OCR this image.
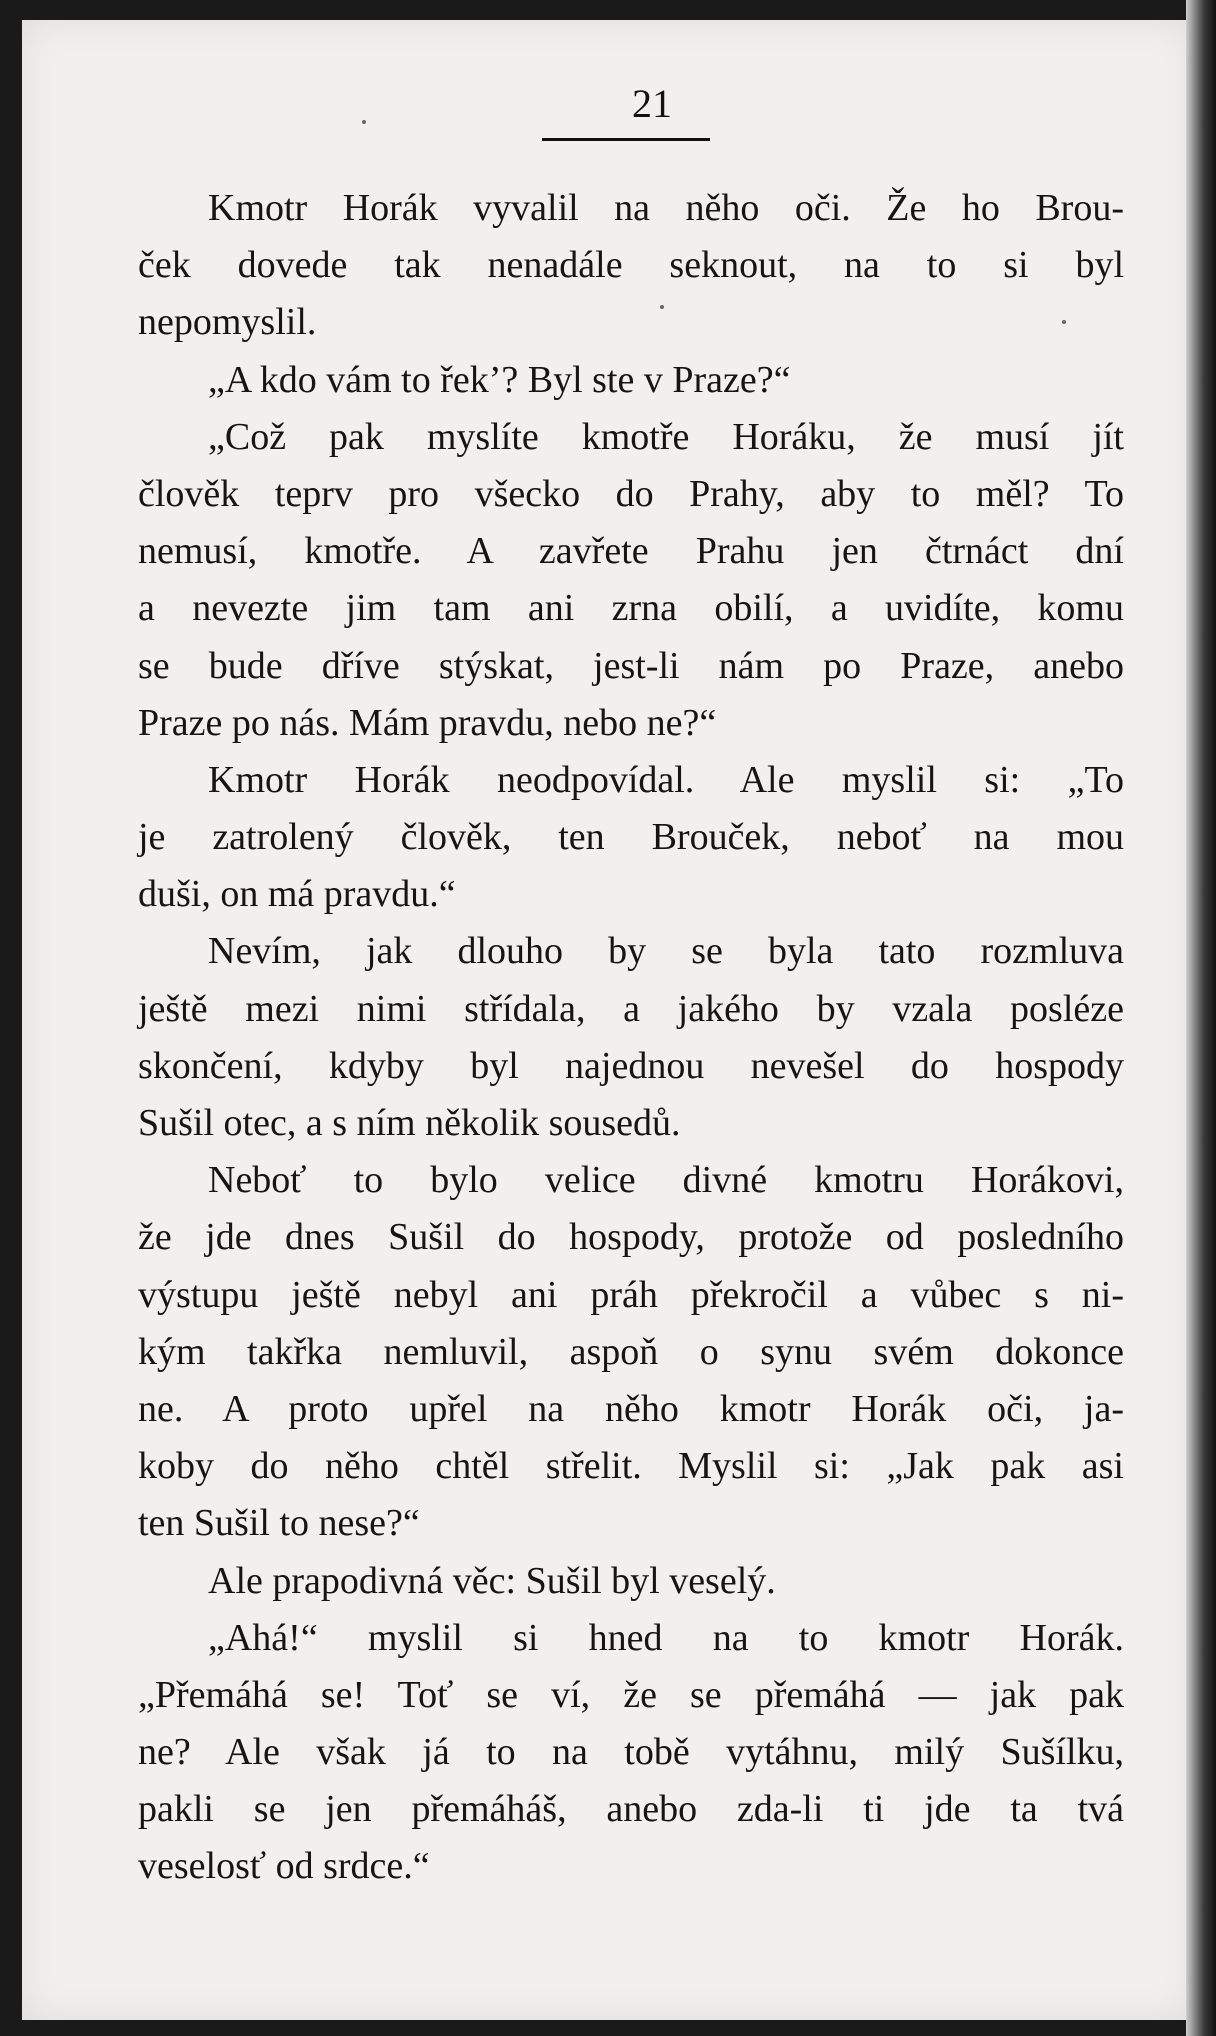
21
Kmotr Horák vyvalil na něho oči. Že ho Brou-
ček dovede tak nenadále seknout, na to si byl
nepomyslil.
„A kdo vám to řek’? Byl ste v Praze?“
„Což pak myslíte kmotře Horáku, že musí jít
člověk teprv pro všecko do Prahy, aby to měl? To
nemusí, kmotře. A zavřete Prahu jen čtrnáct dní
a nevezte jim tam ani zrna obilí, a uvidíte, komu
se bude dříve stýskat, jest-li nám po Praze, anebo
Praze po nás. Mám pravdu, nebo ne?“
Kmotr Horák neodpovídal. Ale myslil si: „To
je zatrolený člověk, ten Brouček, neboť na mou
duši, on má pravdu.“
Nevím, jak dlouho by se byla tato rozmluva
ještě mezi nimi střídala, a jakého by vzala posléze
skončení, kdyby byl najednou nevešel do hospody
Sušil otec, a s ním několik sousedů.
Neboť to bylo velice divné kmotru Horákovi,
že jde dnes Sušil do hospody, protože od posledního
výstupu ještě nebyl ani práh překročil a vůbec s ni-
kým takřka nemluvil, aspoň o synu svém dokonce
ne. A proto upřel na něho kmotr Horák oči, ja-
koby do něho chtěl střelit. Myslil si: „Jak pak asi
ten Sušil to nese?“
Ale prapodivná věc: Sušil byl veselý.
„Ahá!“ myslil si hned na to kmotr Horák.
„Přemáhá se! Toť se ví, že se přemáhá — jak pak
ne? Ale však já to na tobě vytáhnu, milý Sušílku,
pakli se jen přemáháš, anebo zda-li ti jde ta tvá
veselosť od srdce.“
